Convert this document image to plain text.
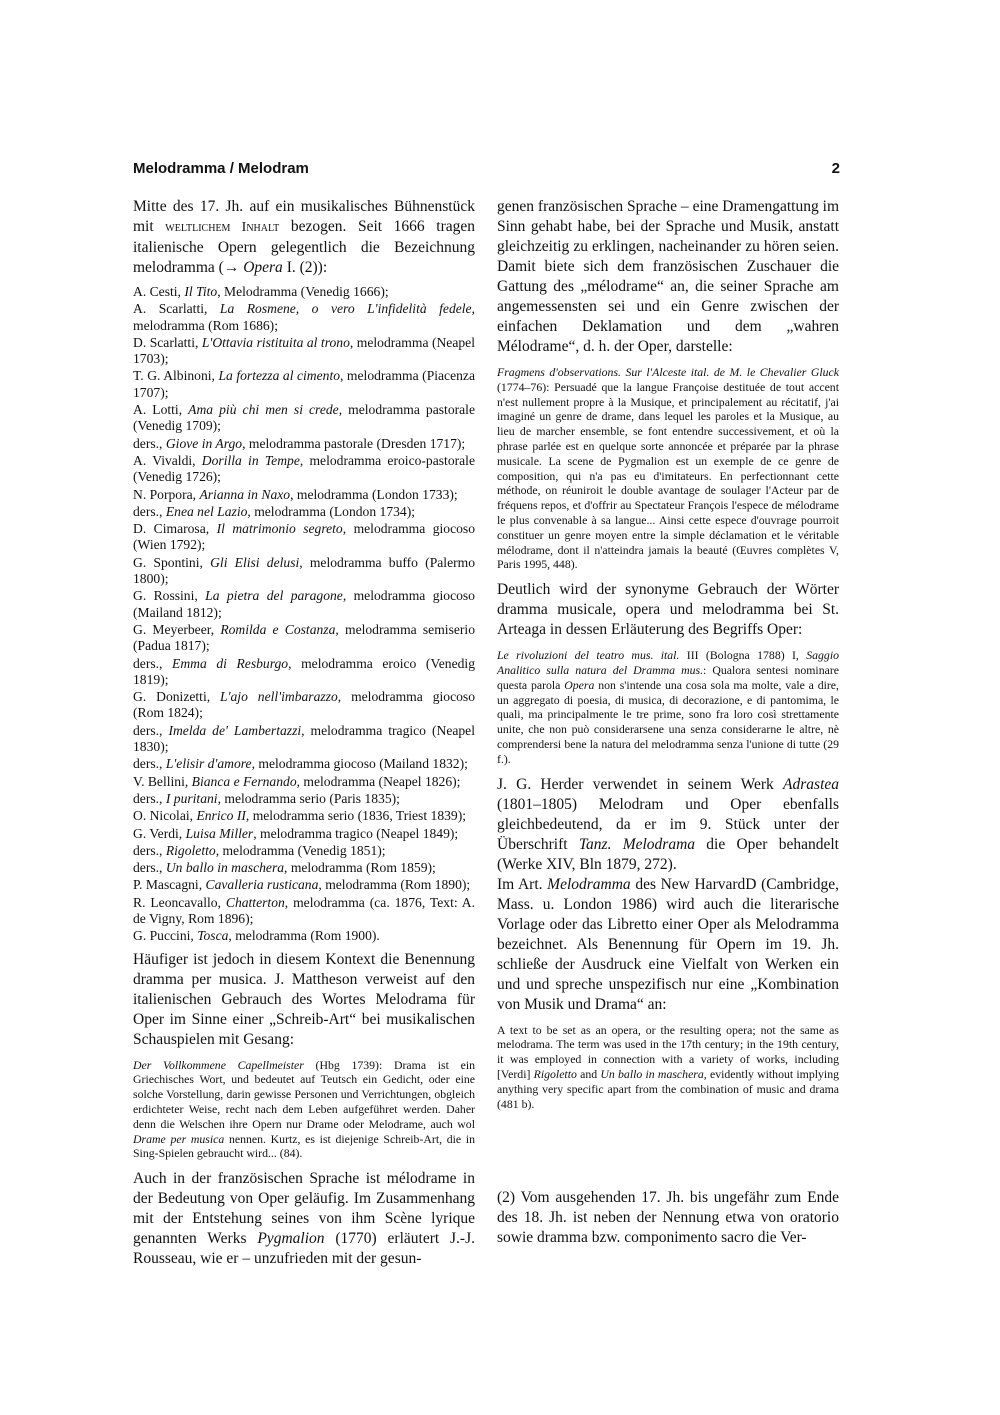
Melodramma / Melodram	2

Mitte des 17. Jh. auf ein musikalisches Bühnenstück mit weltlichem Inhalt bezogen. Seit 1666 tragen italienische Opern gelegentlich die Bezeichnung melodramma (→ Opera I. (2)):

A. Cesti, Il Tito, Melodramma (Venedig 1666);
A. Scarlatti, La Rosmene, o vero L'infidelità fedele, melodramma (Rom 1686);
D. Scarlatti, L'Ottavia ristituita al trono, melodramma (Neapel 1703);
T. G. Albinoni, La fortezza al cimento, melodramma (Piacenza 1707);
A. Lotti, Ama più chi men si crede, melodramma pastorale (Venedig 1709);
ders., Giove in Argo, melodramma pastorale (Dresden 1717);
A. Vivaldi, Dorilla in Tempe, melodramma eroico-pastorale (Venedig 1726);
N. Porpora, Arianna in Naxo, melodramma (London 1733);
ders., Enea nel Lazio, melodramma (London 1734);
D. Cimarosa, Il matrimonio segreto, melodramma giocoso (Wien 1792);
G. Spontini, Gli Elisi delusi, melodramma buffo (Palermo 1800);
G. Rossini, La pietra del paragone, melodramma giocoso (Mailand 1812);
G. Meyerbeer, Romilda e Costanza, melodramma semiserio (Padua 1817);
ders., Emma di Resburgo, melodramma eroico (Venedig 1819);
G. Donizetti, L'ajo nell'imbarazzo, melodramma giocoso (Rom 1824);
ders., Imelda de' Lambertazzi, melodramma tragico (Neapel 1830);
ders., L'elisir d'amore, melodramma giocoso (Mailand 1832);
V. Bellini, Bianca e Fernando, melodramma (Neapel 1826);
ders., I puritani, melodramma serio (Paris 1835);
O. Nicolai, Enrico II, melodramma serio (1836, Triest 1839);
G. Verdi, Luisa Miller, melodramma tragico (Neapel 1849);
ders., Rigoletto, melodramma (Venedig 1851);
ders., Un ballo in maschera, melodramma (Rom 1859);
P. Mascagni, Cavalleria rusticana, melodramma (Rom 1890);
R. Leoncavallo, Chatterton, melodramma (ca. 1876, Text: A. de Vigny, Rom 1896);
G. Puccini, Tosca, melodramma (Rom 1900).

Häufiger ist jedoch in diesem Kontext die Benennung dramma per musica. J. Mattheson verweist auf den italienischen Gebrauch des Wortes Melodrama für Oper im Sinne einer „Schreib-Art“ bei musikalischen Schauspielen mit Gesang:

Der Vollkommene Capellmeister (Hbg 1739): Drama ist ein Griechisches Wort, und bedeutet auf Teutsch ein Gedicht, oder eine solche Vorstellung, darin gewisse Personen und Verrichtungen, obgleich erdichteter Weise, recht nach dem Leben aufgeführet werden. Daher denn die Welschen ihre Opern nur Drame oder Melodrame, auch wol Drame per musica nennen. Kurtz, es ist diejenige Schreib-Art, die in Sing-Spielen gebraucht wird... (84).

Auch in der französischen Sprache ist mélodrame in der Bedeutung von Oper geläufig. Im Zusammenhang mit der Entstehung seines von ihm Scène lyrique genannten Werks Pygmalion (1770) erläutert J.-J. Rousseau, wie er – unzufrieden mit der gesun-

genen französischen Sprache – eine Dramengattung im Sinn gehabt habe, bei der Sprache und Musik, anstatt gleichzeitig zu erklingen, nacheinander zu hören seien. Damit biete sich dem französischen Zuschauer die Gattung des „mélodrame“ an, die seiner Sprache am angemessensten sei und ein Genre zwischen der einfachen Deklamation und dem „wahren Mélodrame“, d. h. der Oper, darstelle:

Fragmens d'observations. Sur l'Alceste ital. de M. le Chevalier Gluck (1774–76): Persuadé que la langue Françoise destituée de tout accent n'est nullement propre à la Musique, et principalement au récitatif, j'ai imaginé un genre de drame, dans lequel les paroles et la Musique, au lieu de marcher ensemble, se font entendre successivement, et où la phrase parlée est en quelque sorte annoncée et préparée par la phrase musicale. La scene de Pygmalion est un exemple de ce genre de composition, qui n'a pas eu d'imitateurs. En perfectionnant cette méthode, on réuniroit le double avantage de soulager l'Acteur par de fréquens repos, et d'offrir au Spectateur François l'espece de mélodrame le plus convenable à sa langue... Ainsi cette espece d'ouvrage pourroit constituer un genre moyen entre la simple déclamation et le véritable mélodrame, dont il n'atteindra jamais la beauté (Œuvres complètes V, Paris 1995, 448).

Deutlich wird der synonyme Gebrauch der Wörter dramma musicale, opera und melodramma bei St. Arteaga in dessen Erläuterung des Begriffs Oper:

Le rivoluzioni del teatro mus. ital. III (Bologna 1788) I, Saggio Analitico sulla natura del Dramma mus.: Qualora sentesi nominare questa parola Opera non s'intende una cosa sola ma molte, vale a dire, un aggregato di poesia, di musica, di decorazione, e di pantomima, le quali, ma principalmente le tre prime, sono fra loro così strettamente unite, che non può considerarsene una senza considerarne le altre, nè comprendersi bene la natura del melodramma senza l'unione di tutte (29 f.).

J. G. Herder verwendet in seinem Werk Adrastea (1801–1805) Melodram und Oper ebenfalls gleichbedeutend, da er im 9. Stück unter der Überschrift Tanz. Melodrama die Oper behandelt (Werke XIV, Bln 1879, 272).

Im Art. Melodramma des New HarvardD (Cambridge, Mass. u. London 1986) wird auch die literarische Vorlage oder das Libretto einer Oper als Melodramma bezeichnet. Als Benennung für Opern im 19. Jh. schließe der Ausdruck eine Vielfalt von Werken ein und und spreche unspezifisch nur eine „Kombination von Musik und Drama“ an:

A text to be set as an opera, or the resulting opera; not the same as melodrama. The term was used in the 17th century; in the 19th century, it was employed in connection with a variety of works, including [Verdi] Rigoletto and Un ballo in maschera, evidently without implying anything very specific apart from the combination of music and drama (481 b).

(2) Vom ausgehenden 17. Jh. bis ungefähr zum Ende des 18. Jh. ist neben der Nennung etwa von oratorio sowie dramma bzw. componimento sacro die Ver-
